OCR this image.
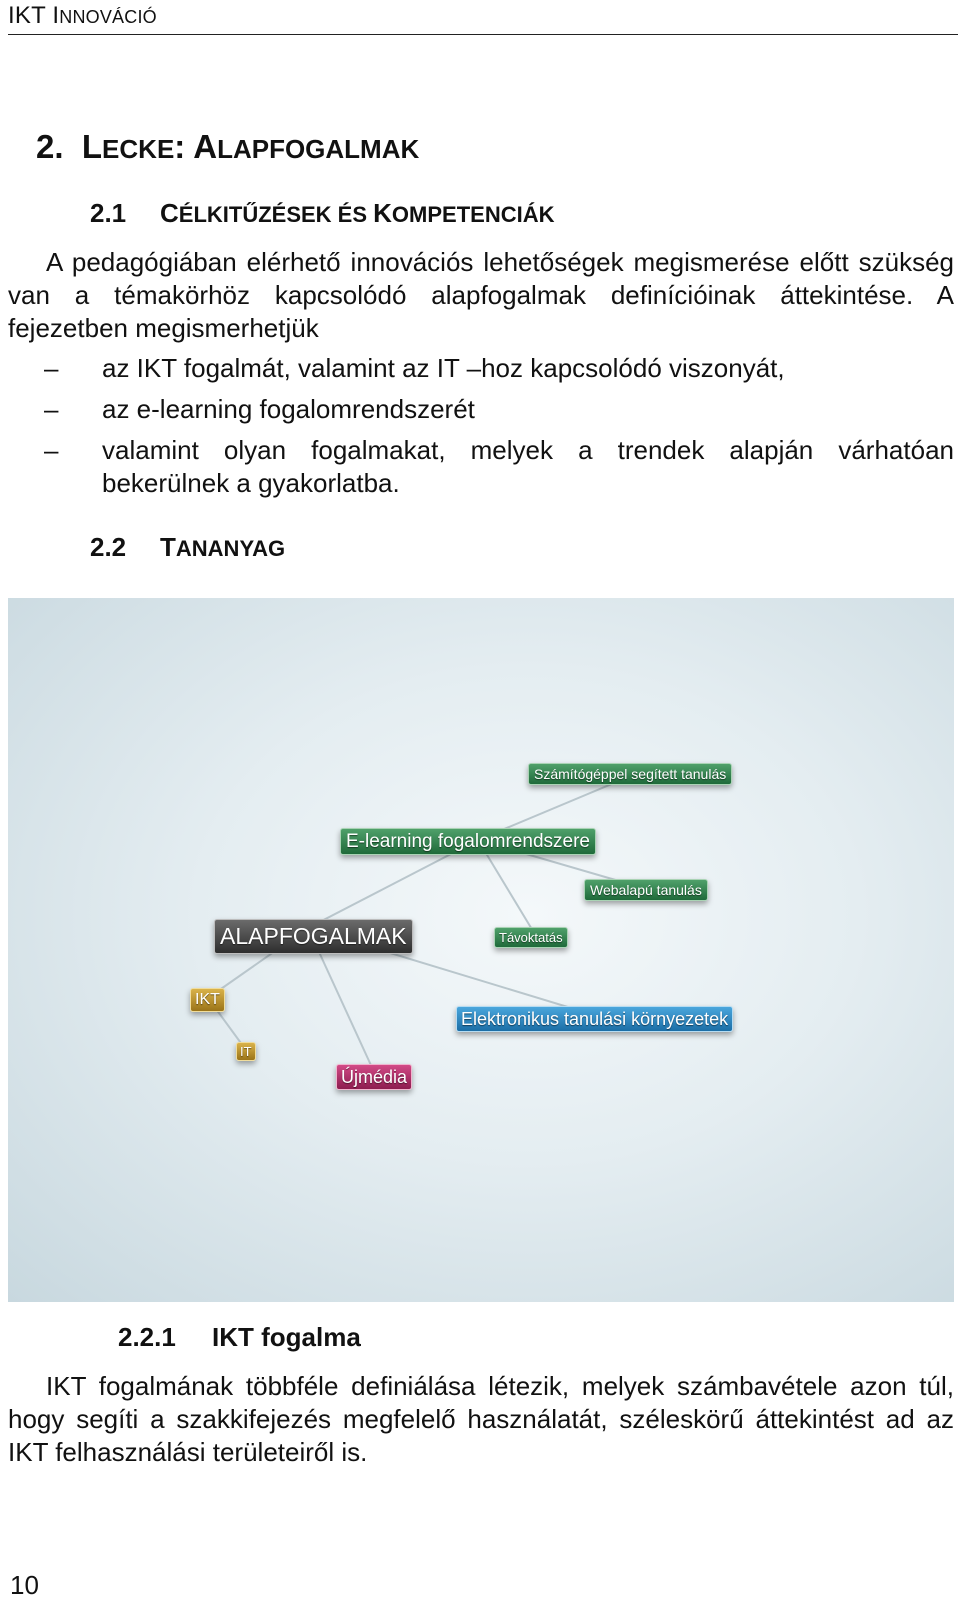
IKT INNOVÁCIÓ
2. LECKE: ALAPFOGALMAK
2.1 CÉLKITŰZÉSEK ÉS KOMPETENCIÁK

A pedagógiában elérhető innovációs lehetőségek megismerése előtt szükség van a témakörhöz kapcsolódó alapfogalmak definícióinak áttekintése. A fejezetben megismerhetjük

– az IKT fogalmát, valamint az IT –hoz kapcsolódó viszonyát,
– az e-learning fogalomrendszerét
– valamint olyan fogalmakat, melyek a trendek alapján várhatóan bekerülnek a gyakorlatba.
2.2 TANANYAG
Számítógéppel segített tanulás
E-learning fogalomrendszere
Webalapú tanulás
ALAPFOGALMAK	Távoktatás
IKT
Elektronikus tanulási környezetek
IT
Újmédia
2.2.1 IKT fogalma

IKT fogalmának többféle definiálása létezik, melyek számbavétele azon túl, hogy segíti a szakkifejezés megfelelő használatát, széleskörű áttekintést ad az IKT felhasználási területeiről is.

10
